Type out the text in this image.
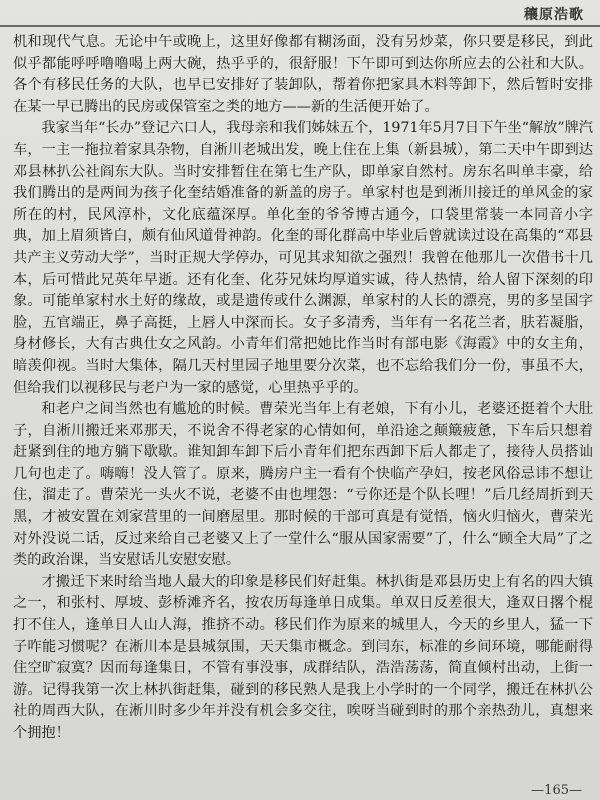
穰原浩歌

机和现代气息。无论中午或晚上，这里好像都有糊汤面，没有另炒菜，你只要是移民，到此似乎都能呼呼噜噜喝上两大碗，热乎乎的，很舒服！下午即可到达你所应去的公社和大队。各个有移民任务的大队，也早已安排好了装卸队，帮着你把家具木料等卸下，然后暂时安排在某一早已腾出的民房或保管室之类的地方——新的生活便开始了。

我家当年“长办”登记六口人，我母亲和我们姊妹五个，1971年5月7日下午坐“解放”牌汽车，一主一拖拉着家具杂物，自淅川老城出发，晚上住在上集（新县城），第二天中午即到达邓县林扒公社阎东大队。当时安排暂住在第七生产队，即单家自然村。房东名叫单丰豪，给我们腾出的是两间为孩子化奎结婚准备的新盖的房子。单家村也是到淅川接迁的单风金的家所在的村，民风淳朴，文化底蕴深厚。单化奎的爷爷博古通今，口袋里常装一本同音小字典，加上眉须皆白，颇有仙风道骨神韵。化奎的哥化群高中毕业后曾就读过设在高集的“邓县共产主义劳动大学”，当时正规大学停办，可见其求知欲之强烈！我曾在他那儿一次借书十几本，后可惜此兄英年早逝。还有化奎、化芬兄妹均厚道实诚，待人热情，给人留下深刻的印象。可能单家村水土好的缘故，或是遗传或什么渊源，单家村的人长的漂亮，男的多呈国字脸，五官端正，鼻子高挺，上唇人中深而长。女子多清秀，当年有一名花兰者，肤若凝脂，身材修长，大有古典仕女之风韵。小青年们常把她比作当时有部电影《海霞》中的女主角，暗羡仰视。当时大集体，隔几天村里园子地里要分次菜，也不忘给我们分一份，事虽不大，但给我们以视移民与老户为一家的感觉，心里热乎乎的。

和老户之间当然也有尴尬的时候。曹荣光当年上有老娘，下有小儿，老婆还挺着个大肚子，自淅川搬迁来邓那天，不说舍不得老家的心情如何，单沿途之颠簸疲惫，下车后只想着赶紧到住的地方躺下歇歇。谁知卸车卸下后小青年们把东西卸下后人都走了，接待人员搭讪几句也走了。嗨嗨！没人管了。原来，腾房户主一看有个快临产孕妇，按老风俗忌讳不想让住，溜走了。曹荣光一头火不说，老婆不由也埋怨：“亏你还是个队长哩！”后几经周折到天黑，才被安置在刘家营里的一间磨屋里。那时候的干部可真是有觉悟，恼火归恼火，曹荣光对外没说二话，反过来给自己老婆又上了一堂什么“服从国家需要”了，什么“顾全大局”了之类的政治课，当安慰话儿安慰安慰。

才搬迁下来时给当地人最大的印象是移民们好赶集。林扒街是邓县历史上有名的四大镇之一，和张村、厚坡、彭桥滩齐名，按农历每逢单日成集。单双日反差很大，逢双日撂个棍打不住人，逢单日人山人海，推挤不动。移民们作为原来的城里人，今天的乡里人，猛一下子咋能习惯呢？在淅川本是县城氛围，天天集市概念。到闫东，标准的乡间环境，哪能耐得住空旷寂寞？因而每逢集日，不管有事没事，成群结队，浩浩荡荡，简直倾村出动，上街一游。记得我第一次上林扒街赶集，碰到的移民熟人是我上小学时的一个同学，搬迁在林扒公社的周西大队，在淅川时多少年并没有机会多交往，唉呀当碰到时的那个亲热劲儿，真想来个拥抱！

—165—
